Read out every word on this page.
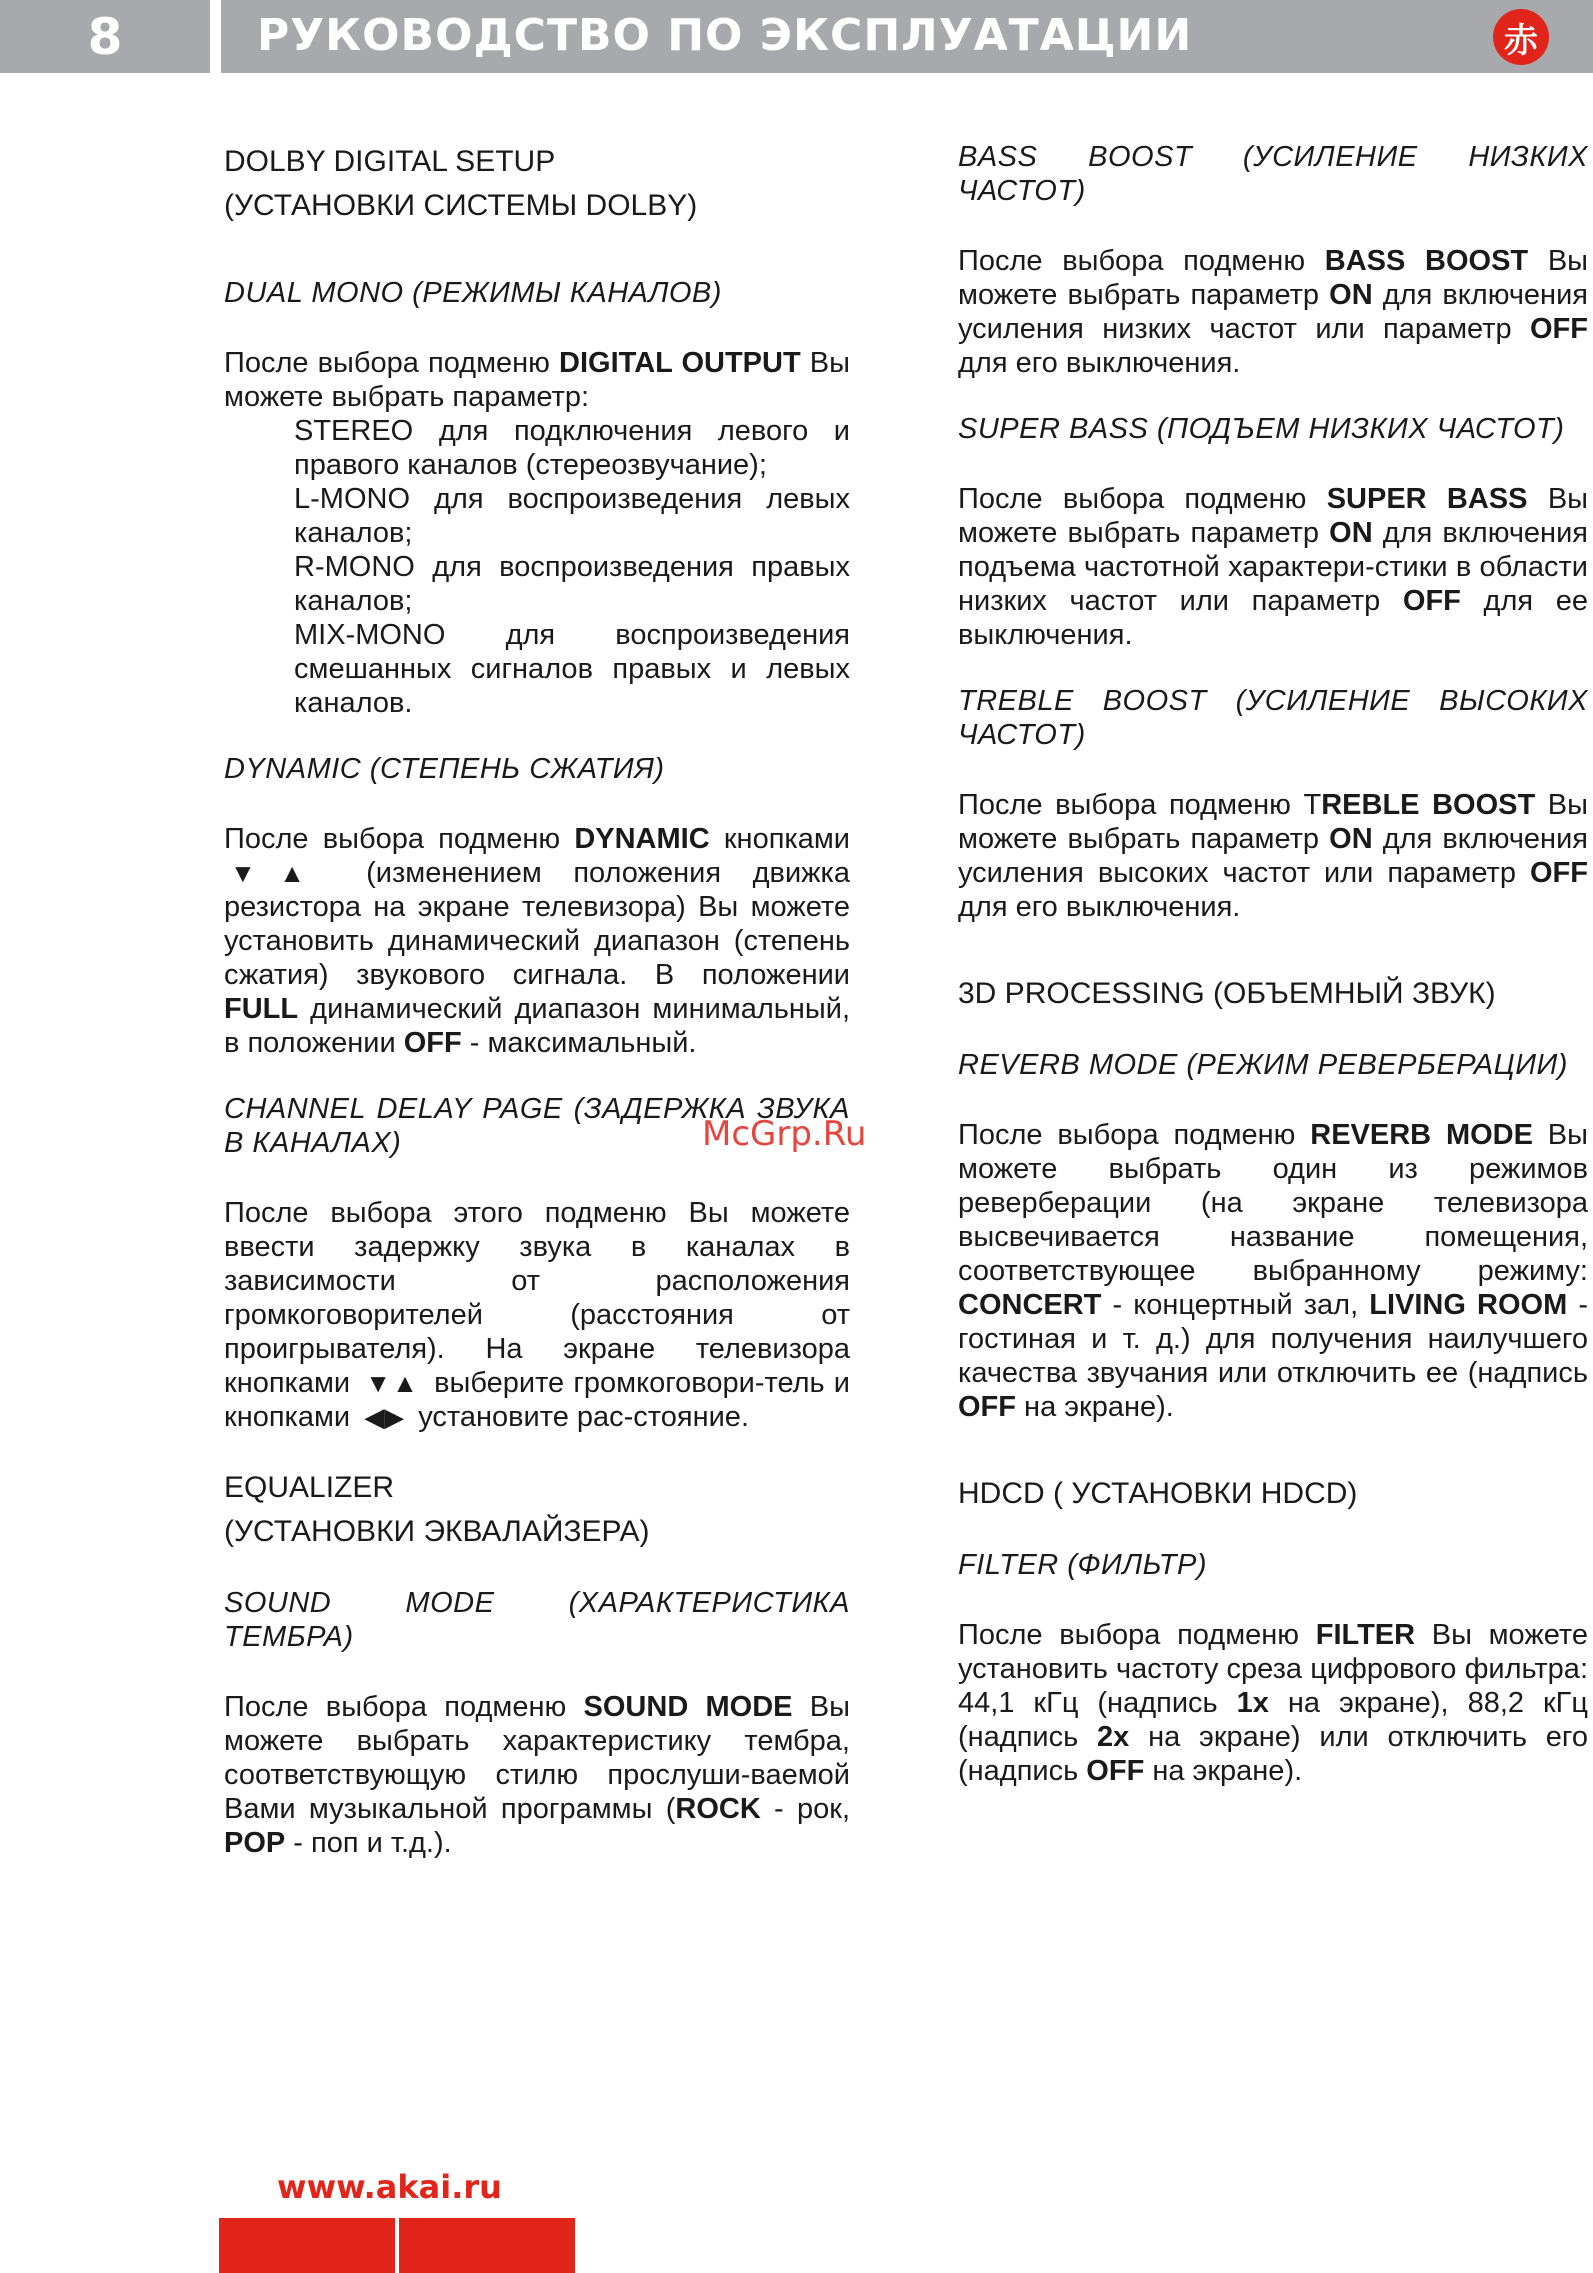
8	РУКОВОДСТВО ПО ЭКСПЛУАТАЦИИ	赤
DOLBY DIGITAL SETUP
(УСТАНОВКИ СИСТЕМЫ DOLBY)
DUAL MONO (РЕЖИМЫ КАНАЛОВ)

После выбора подменю DIGITAL OUTPUT Вы можете выбрать параметр:

STEREO для подключения левого и правого каналов (стереозвучание);

L-MONO для воспроизведения левых каналов;

R-MONO для воспроизведения правых каналов;

MIX-MONO для воспроизведения смешанных сигналов правых и левых каналов.

DYNAMIC (СТЕПЕНЬ СЖАТИЯ)

После выбора подменю DYNAMIC кнопками ▼▲ (изменением положения движка резистора на экране телевизора) Вы можете установить динамический диапазон (степень сжатия) звукового сигнала. В положении FULL динамический диапазон минимальный, в положении OFF - максимальный.

CHANNEL DELAY PAGE (ЗАДЕРЖКА ЗВУКА В КАНАЛАХ)

После выбора этого подменю Вы можете ввести задержку звука в каналах в зависимости от расположения громкоговорителей (расстояния от проигрывателя). На экране телевизора кнопками ▼▲ выберите громкоговори-тель и кнопками ◀▶ установите рас-стояние.

EQUALIZER
(УСТАНОВКИ ЭКВАЛАЙЗЕРА)
SOUND MODE (ХАРАКТЕРИСТИКА ТЕМБРА)

После выбора подменю SOUND MODE Вы можете выбрать характеристику тембра, соответствующую стилю прослуши-ваемой Вами музыкальной программы (ROCK - рок, POP - поп и т.д.).

BASS BOOST (УСИЛЕНИЕ НИЗКИХ ЧАСТОТ)

После выбора подменю BASS BOOST Вы можете выбрать параметр ON для включения усиления низких частот или параметр OFF для его выключения.

SUPER BASS (ПОДЪЕМ НИЗКИХ ЧАСТОТ)

После выбора подменю SUPER BASS Вы можете выбрать параметр ON для включения подъема частотной характери-стики в области низких частот или параметр OFF для ее выключения.

TREBLE BOOST (УСИЛЕНИЕ ВЫСОКИХ ЧАСТОТ)

После выбора подменю ТREBLE BOOST Вы можете выбрать параметр ON для включения усиления высоких частот или параметр OFF для его выключения.

3D PROCESSING (ОБЪЕМНЫЙ ЗВУК)
REVERB MODE (РЕЖИМ РЕВЕРБЕРАЦИИ)

После выбора подменю REVERB MODE Вы можете выбрать один из режимов реверберации (на экране телевизора высвечивается название помещения, соответствующее выбранному режиму: CONCERT - концертный зал, LIVING ROOM - гостиная и т. д.) для получения наилучшего качества звучания или отключить ее (надпись OFF на экране).

HDCD ( УСТАНОВКИ HDCD)
FILTER (ФИЛЬТР)

После выбора подменю FILTER Вы можете установить частоту среза цифрового фильтра: 44,1 кГц (надпись 1x на экране), 88,2 кГц (надпись 2x на экране) или отключить его (надпись OFF на экране).

McGrp.Ru
www.akai.ru
